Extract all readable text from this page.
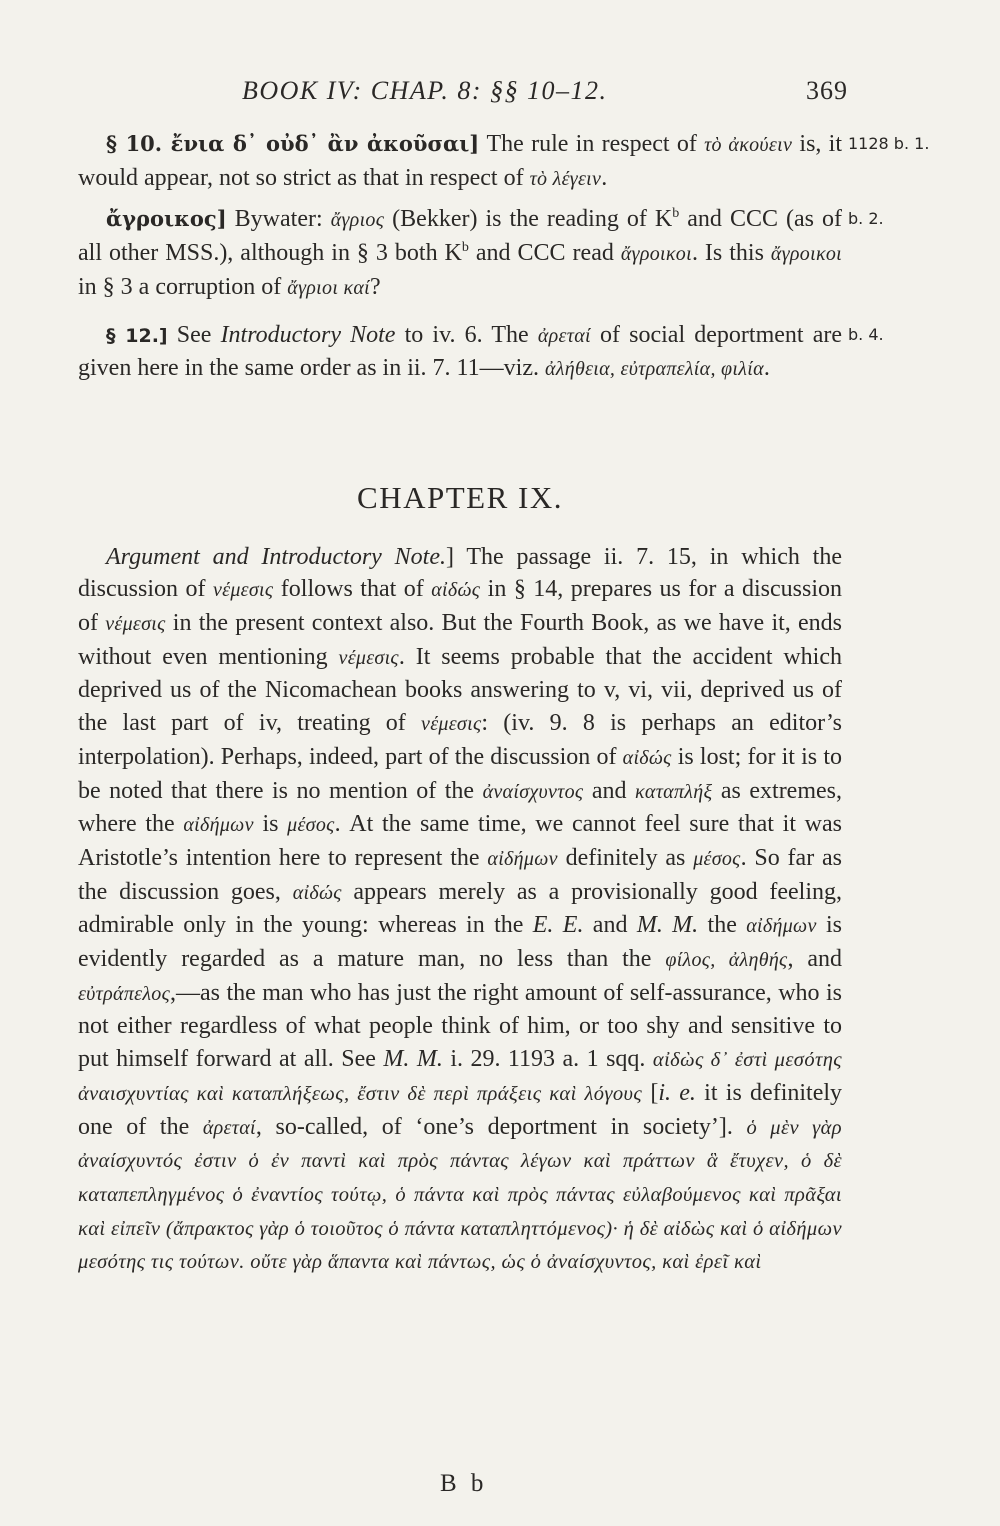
BOOK IV: CHAP. 8: §§ 10–12.	369

§ 10. ἔνια δ᾽ οὐδ᾽ ἂν ἀκοῦσαι] The rule in respect of τὸ ἀκούειν is, it would appear, not so strict as that in respect of τὸ λέγειν.
1128 b. 1.

ἄγροικος] Bywater: ἄγριος (Bekker) is the reading of $K^b$ and CCC (as of all other MSS.), although in § 3 both $K^b$ and CCC read ἄγροικοι. Is this ἄγροικοι in § 3 a corruption of ἄγριοι καί?
b. 2.

§ 12.] See Introductory Note to iv. 6. The ἀρεταί of social deportment are given here in the same order as in ii. 7. 11—viz. ἀλήθεια, εὐτραπελία, φιλία.
b. 4.

CHAPTER IX.

Argument and Introductory Note.] The passage ii. 7. 15, in which the discussion of νέμεσις follows that of αἰδώς in § 14, prepares us for a discussion of νέμεσις in the present context also. But the Fourth Book, as we have it, ends without even mentioning νέμεσις. It seems probable that the accident which deprived us of the Nicomachean books answering to v, vi, vii, deprived us of the last part of iv, treating of νέμεσις: (iv. 9. 8 is perhaps an editor’s interpolation). Perhaps, indeed, part of the discussion of αἰδώς is lost; for it is to be noted that there is no mention of the ἀναίσχυντος and καταπλήξ as extremes, where the αἰδήμων is μέσος. At the same time, we cannot feel sure that it was Aristotle’s intention here to represent the αἰδήμων definitely as μέσος. So far as the discussion goes, αἰδώς appears merely as a provisionally good feeling, admirable only in the young: whereas in the E. E. and M. M. the αἰδήμων is evidently regarded as a mature man, no less than the φίλος, ἀληθής, and εὐτράπελος,—as the man who has just the right amount of self-assurance, who is not either regardless of what people think of him, or too shy and sensitive to put himself forward at all. See M. M. i. 29. 1193 a. 1 sqq. αἰδὼς δ᾽ ἐστὶ μεσότης ἀναισχυντίας καὶ καταπλήξεως, ἔστιν δὲ περὶ πράξεις καὶ λόγους [i. e. it is definitely one of the ἀρεταί, so-called, of ‘one’s deportment in society’]. ὁ μὲν γὰρ ἀναίσχυντός ἐστιν ὁ ἐν παντὶ καὶ πρὸς πάντας λέγων καὶ πράττων ἃ ἔτυχεν, ὁ δὲ καταπεπληγμένος ὁ ἐναντίος τούτῳ, ὁ πάντα καὶ πρὸς πάντας εὐλαβούμενος καὶ πρᾶξαι καὶ εἰπεῖν (ἄπρακτος γὰρ ὁ τοιοῦτος ὁ πάντα καταπληττόμενος)· ἡ δὲ αἰδὼς καὶ ὁ αἰδήμων μεσότης τις τούτων. οὔτε γὰρ ἅπαντα καὶ πάντως, ὡς ὁ ἀναίσχυντος, καὶ ἐρεῖ καὶ

B b
